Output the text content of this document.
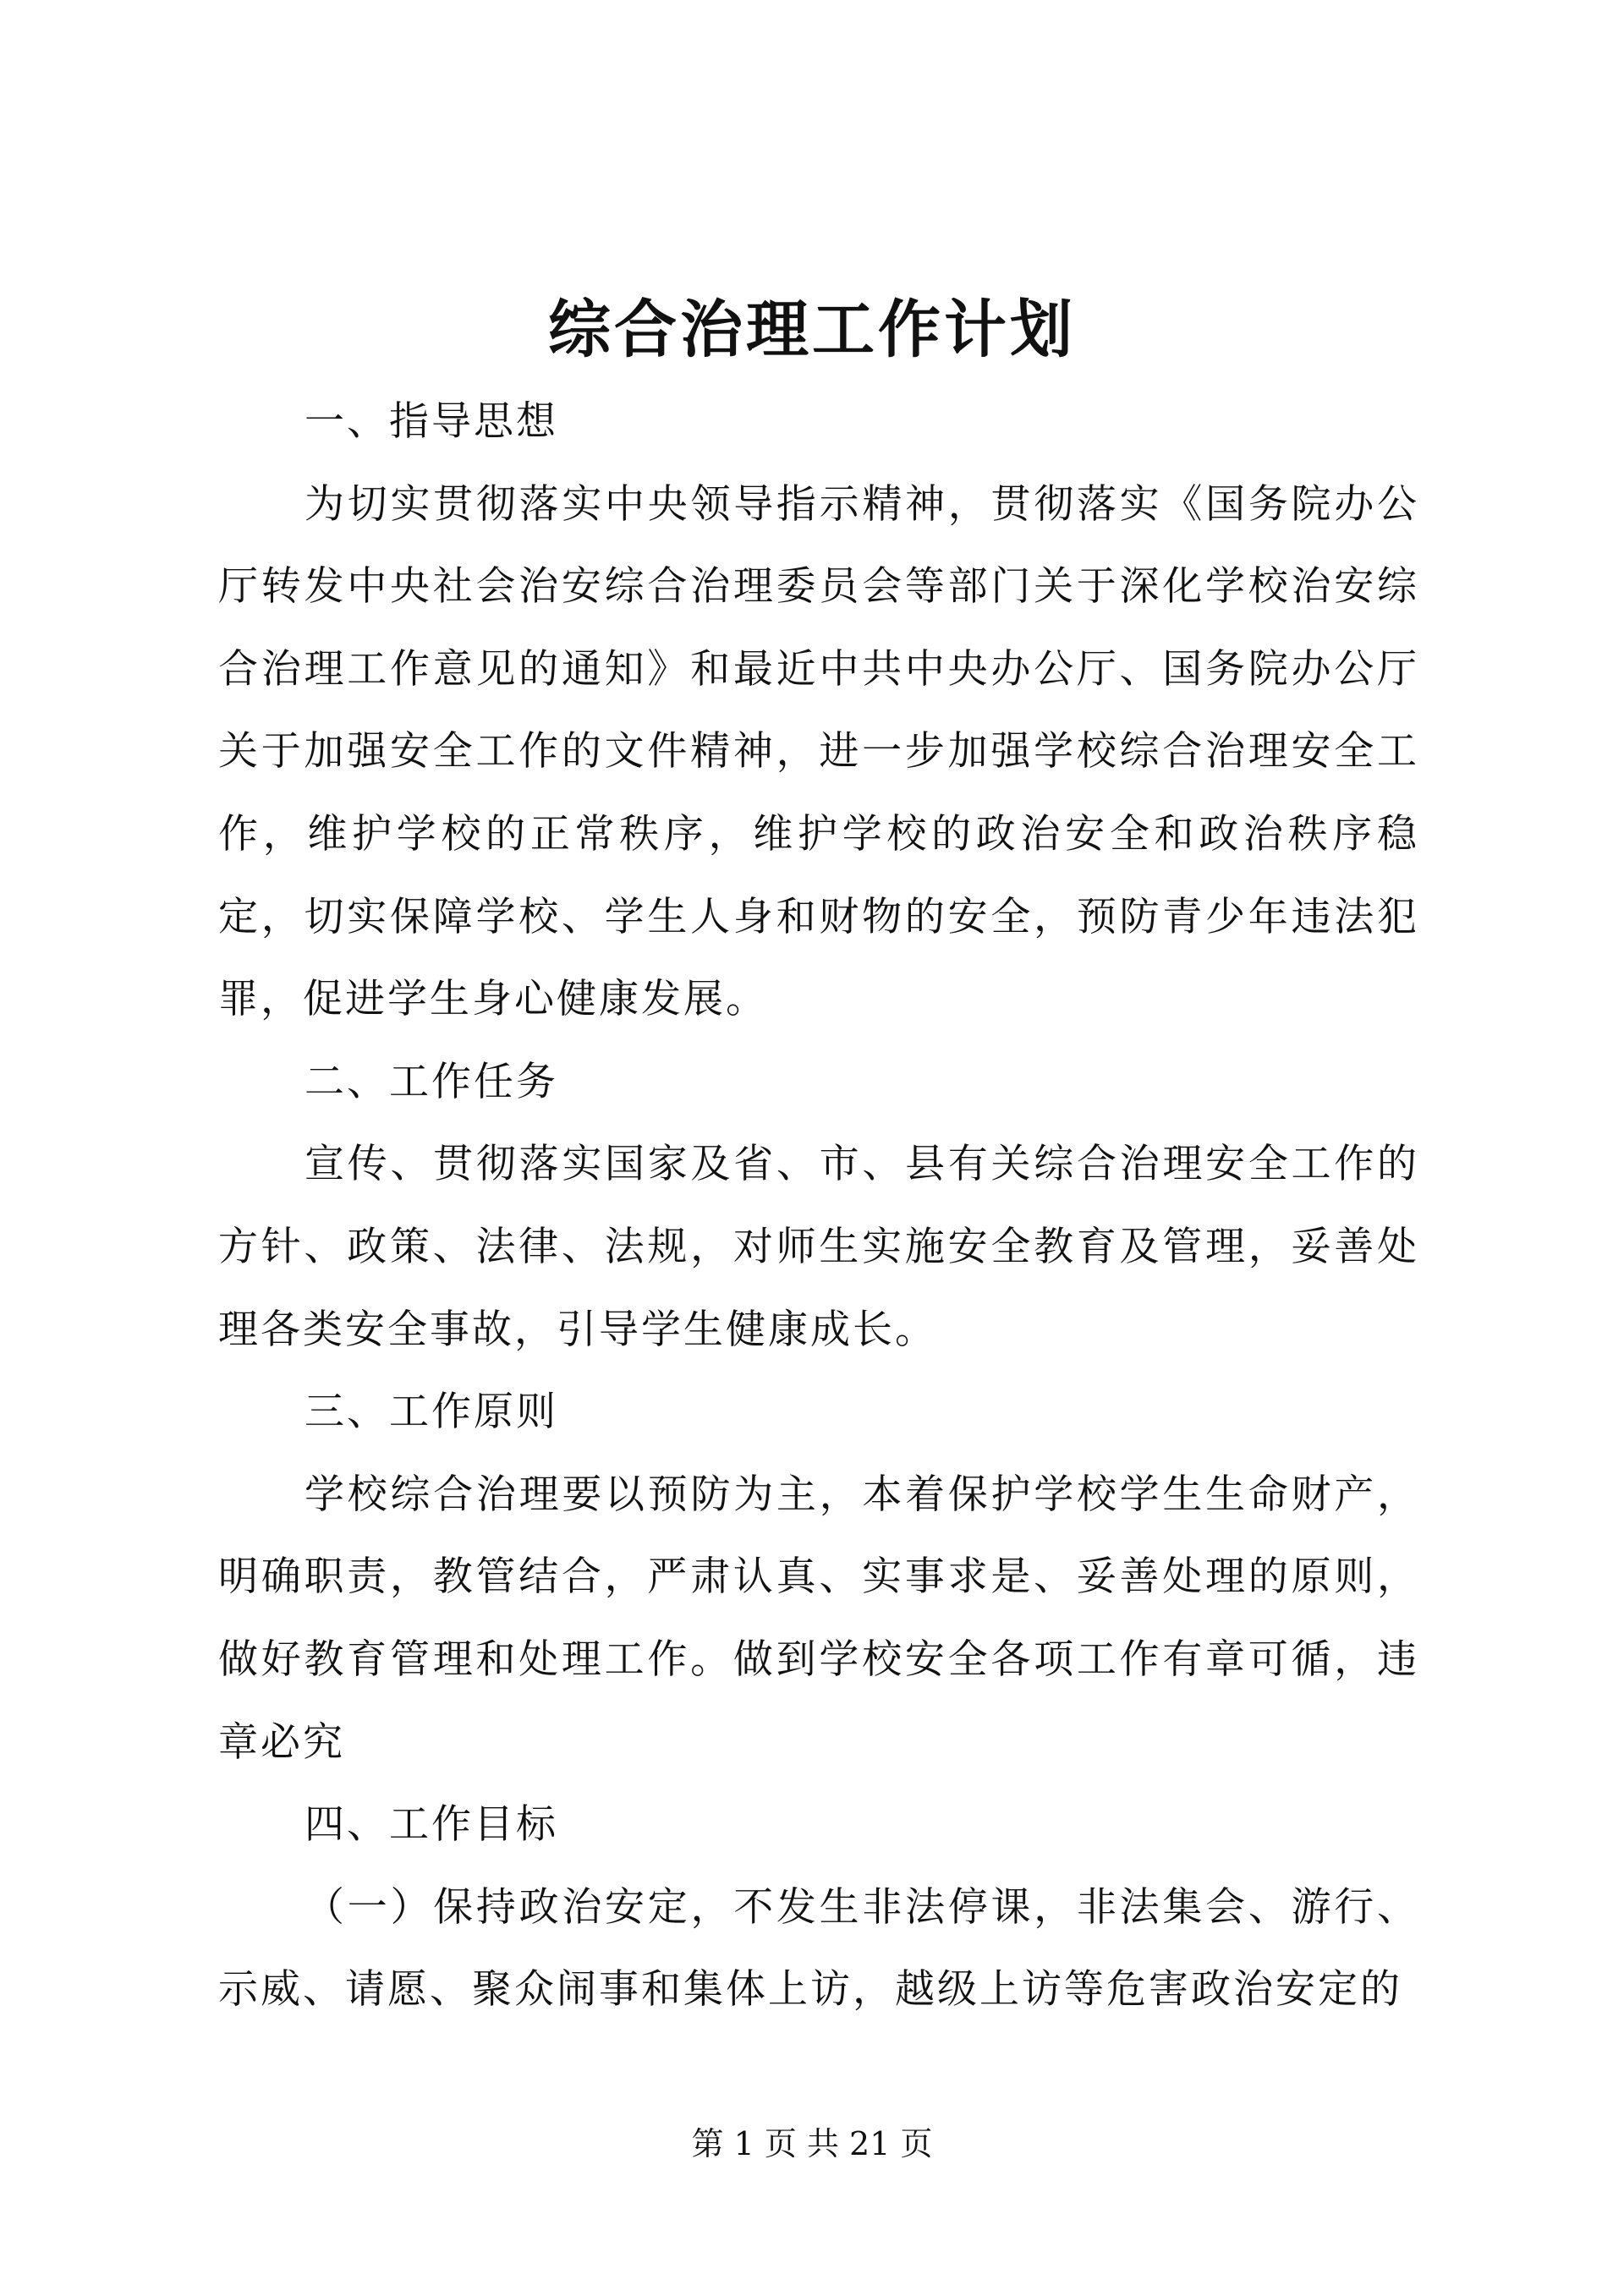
综合治理工作计划

一、指导思想

为切实贯彻落实中央领导指示精神，贯彻落实《国务院办公厅转发中央社会治安综合治理委员会等部门关于深化学校治安综合治理工作意见的通知》和最近中共中央办公厅、国务院办公厅关于加强安全工作的文件精神，进一步加强学校综合治理安全工作，维护学校的正常秩序，维护学校的政治安全和政治秩序稳定，切实保障学校、学生人身和财物的安全，预防青少年违法犯罪，促进学生身心健康发展。

二、工作任务

宣传、贯彻落实国家及省、市、县有关综合治理安全工作的方针、政策、法律、法规，对师生实施安全教育及管理，妥善处理各类安全事故，引导学生健康成长。

三、工作原则

学校综合治理要以预防为主，本着保护学校学生生命财产，明确职责，教管结合，严肃认真、实事求是、妥善处理的原则，做好教育管理和处理工作。做到学校安全各项工作有章可循，违章必究

四、工作目标

（一）保持政治安定，不发生非法停课，非法集会、游行、示威、请愿、聚众闹事和集体上访，越级上访等危害政治安定的

第 1 页 共 21 页
